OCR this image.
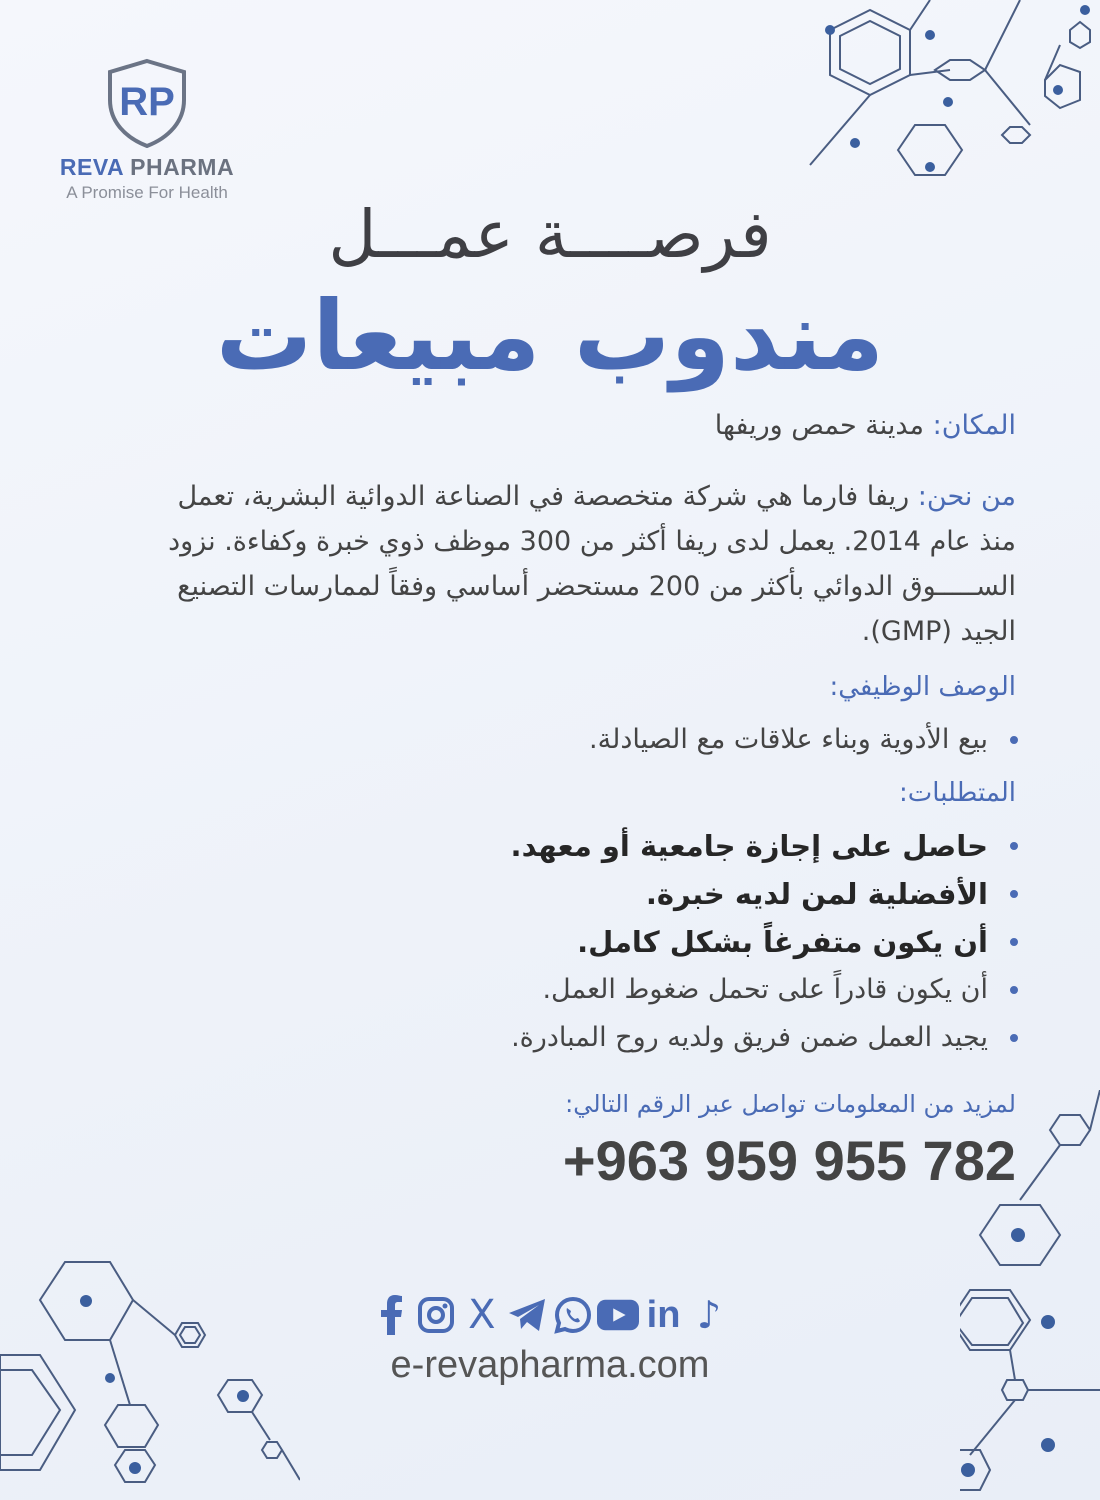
RP
REVA PHARMA
A Promise For Health
فرصــــة عمـــل
مندوب مبيعات
المكان: مدينة حمص وريفها
من نحن: ريفا فارما هي شركة متخصصة في الصناعة الدوائية البشرية، تعمل منذ عام 2014. يعمل لدى ريفا أكثر من 300 موظف ذوي خبرة وكفاءة. نزود الســـــوق الدوائي بأكثر من 200 مستحضر أساسي وفقاً لممارسات التصنيع الجيد (GMP).
الوصف الوظيفي:
بيع الأدوية وبناء علاقات مع الصيادلة.
المتطلبات:
حاصل على إجازة جامعية أو معهد.
الأفضلية لمن لديه خبرة.
أن يكون متفرغاً بشكل كامل.
أن يكون قادراً على تحمل ضغوط العمل.
يجيد العمل ضمن فريق ولديه روح المبادرة.
لمزيد من المعلومات تواصل عبر الرقم التالي:
+963 959 955 782
X	in ♪
e-revapharma.com
